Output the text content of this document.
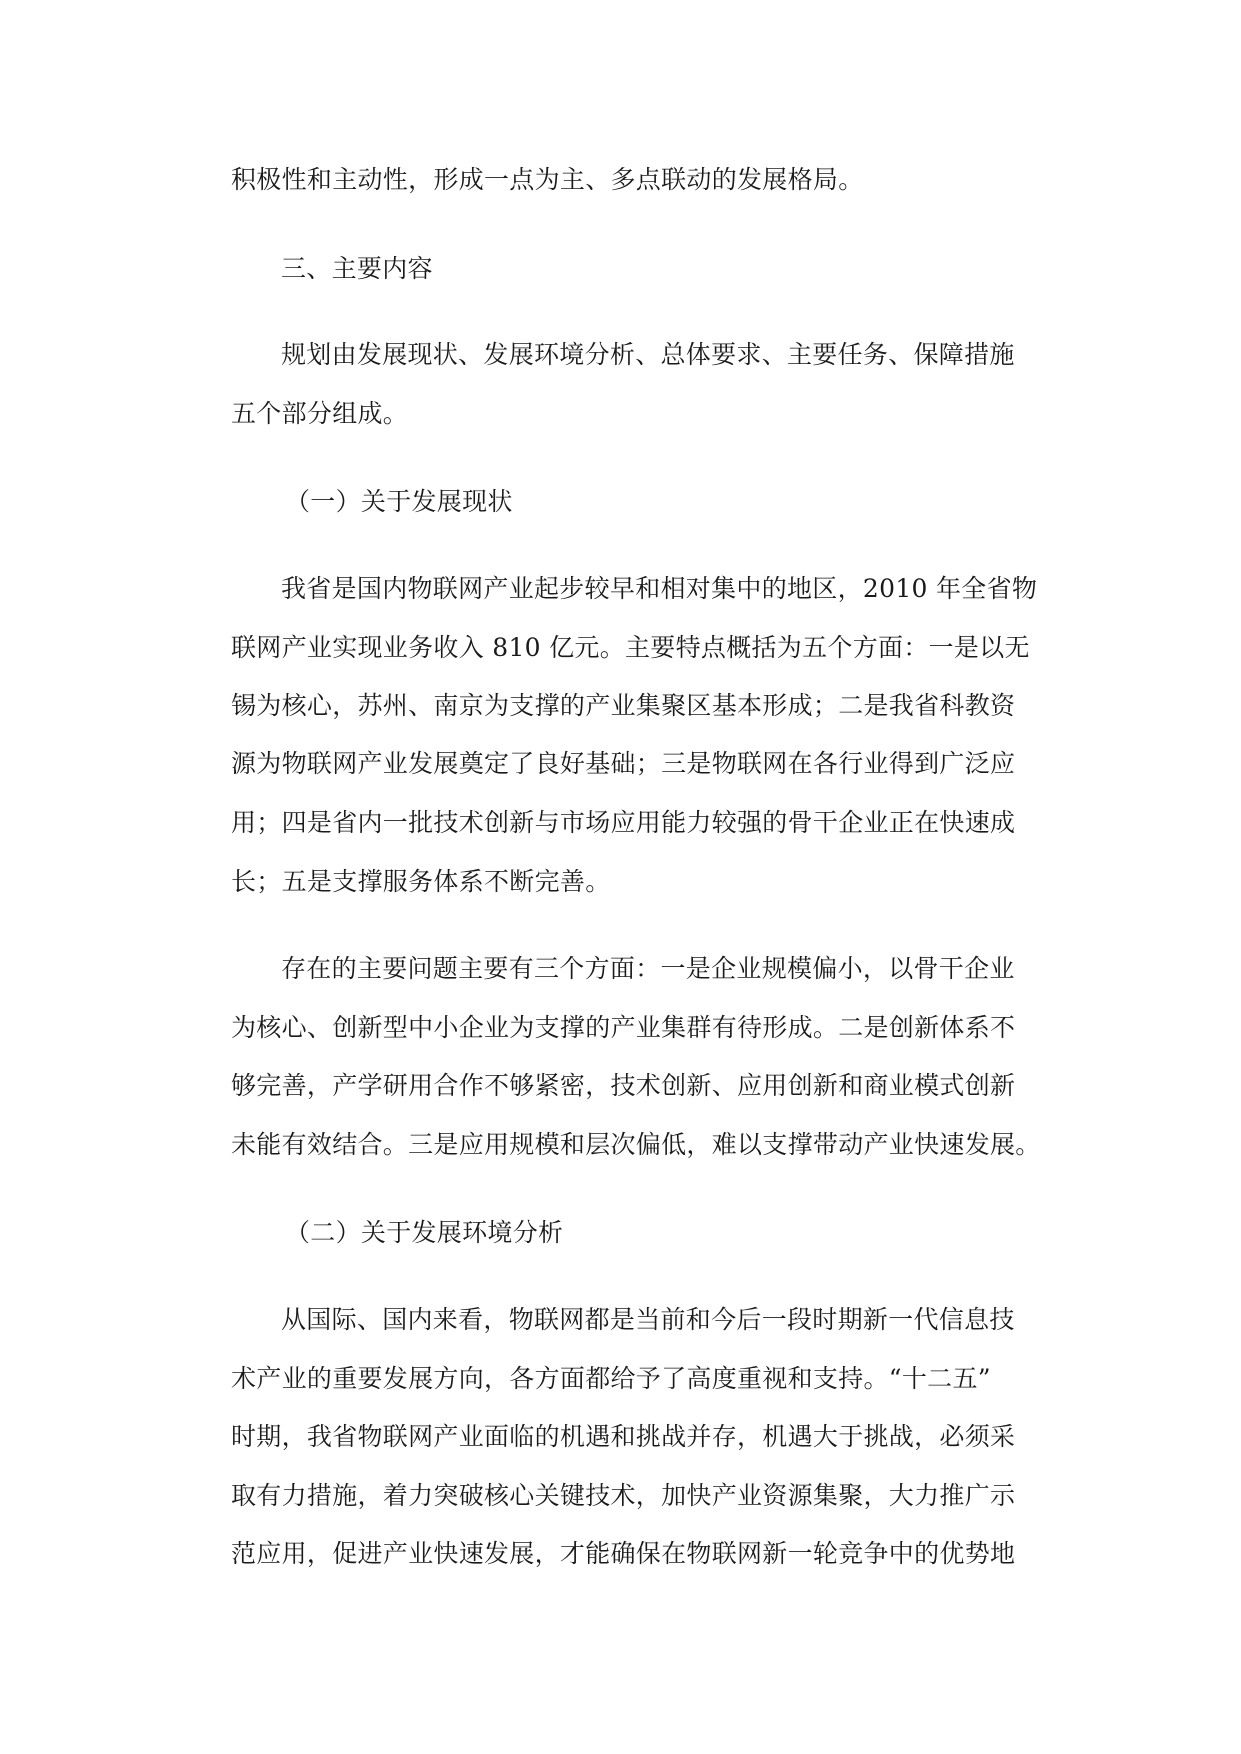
积极性和主动性，形成一点为主、多点联动的发展格局。
三、主要内容
规划由发展现状、发展环境分析、总体要求、主要任务、保障措施
五个部分组成。
（一）关于发展现状
我省是国内物联网产业起步较早和相对集中的地区，2010 年全省物
联网产业实现业务收入 810 亿元。主要特点概括为五个方面：一是以无
锡为核心，苏州、南京为支撑的产业集聚区基本形成；二是我省科教资
源为物联网产业发展奠定了良好基础；三是物联网在各行业得到广泛应
用；四是省内一批技术创新与市场应用能力较强的骨干企业正在快速成
长；五是支撑服务体系不断完善。
存在的主要问题主要有三个方面：一是企业规模偏小，以骨干企业
为核心、创新型中小企业为支撑的产业集群有待形成。二是创新体系不
够完善，产学研用合作不够紧密，技术创新、应用创新和商业模式创新
未能有效结合。三是应用规模和层次偏低，难以支撑带动产业快速发展。
（二）关于发展环境分析
从国际、国内来看，物联网都是当前和今后一段时期新一代信息技
术产业的重要发展方向，各方面都给予了高度重视和支持。“十二五”
时期，我省物联网产业面临的机遇和挑战并存，机遇大于挑战，必须采
取有力措施，着力突破核心关键技术，加快产业资源集聚，大力推广示
范应用，促进产业快速发展，才能确保在物联网新一轮竞争中的优势地
